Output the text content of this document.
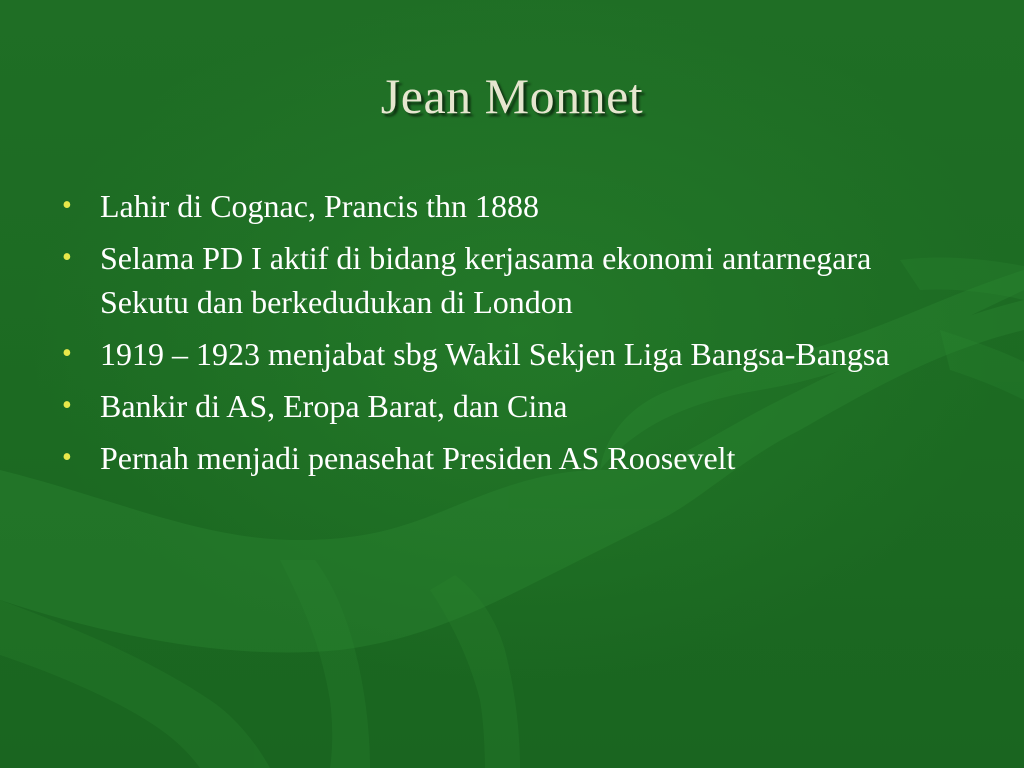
Jean Monnet
• Lahir di Cognac, Prancis thn 1888
• Selama PD I aktif di bidang kerjasama ekonomi antarnegara Sekutu dan berkedudukan di London
• 1919 – 1923 menjabat sbg Wakil Sekjen Liga Bangsa-Bangsa
• Bankir di AS, Eropa Barat, dan Cina
• Pernah menjadi penasehat Presiden AS Roosevelt
